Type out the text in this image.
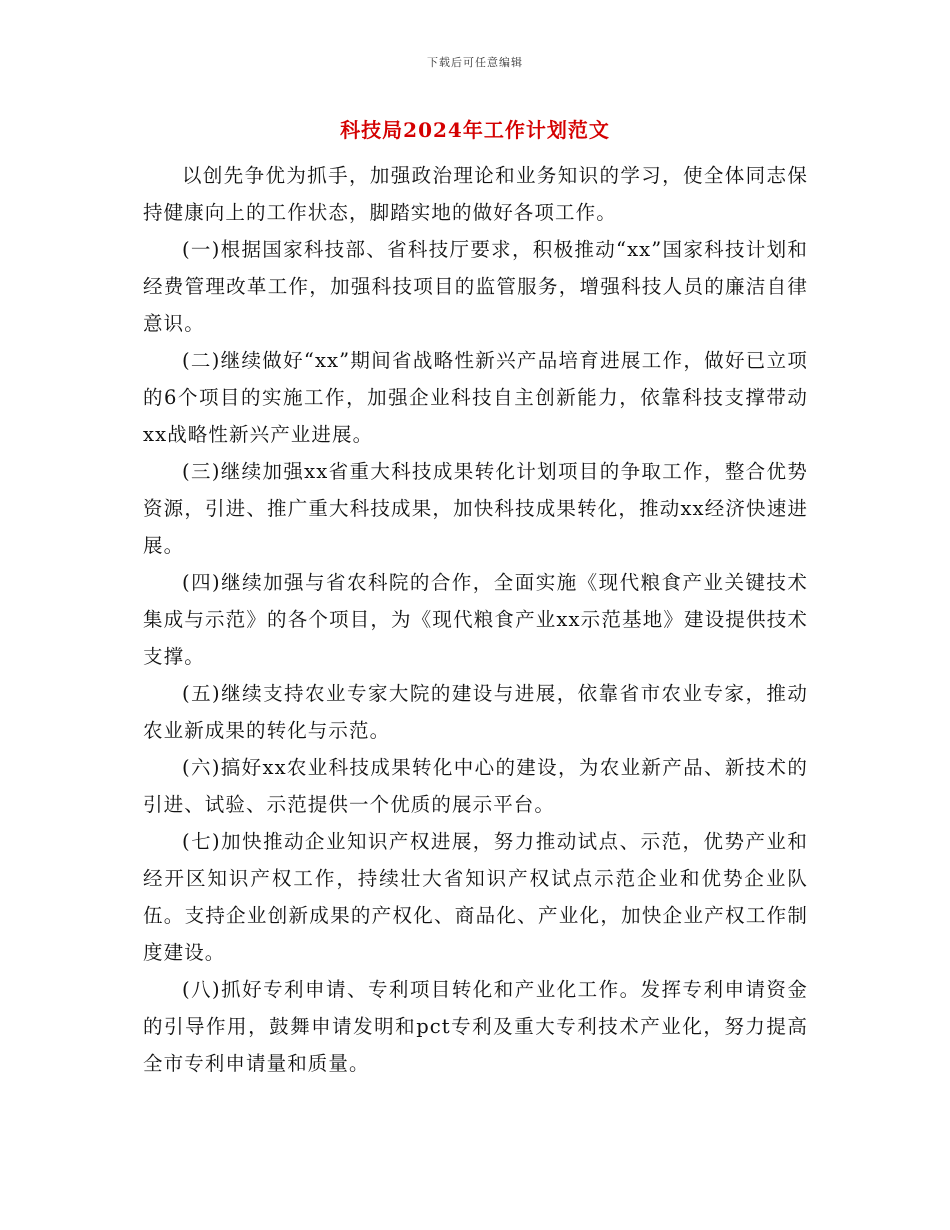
下载后可任意编辑
科技局2024年工作计划范文

以创先争优为抓手，加强政治理论和业务知识的学习，使全体同志保持健康向上的工作状态，脚踏实地的做好各项工作。

(一)根据国家科技部、省科技厅要求，积极推动“xx”国家科技计划和经费管理改革工作，加强科技项目的监管服务，增强科技人员的廉洁自律意识。

(二)继续做好“xx”期间省战略性新兴产品培育进展工作，做好已立项的6个项目的实施工作，加强企业科技自主创新能力，依靠科技支撑带动xx战略性新兴产业进展。

(三)继续加强xx省重大科技成果转化计划项目的争取工作，整合优势资源，引进、推广重大科技成果，加快科技成果转化，推动xx经济快速进展。

(四)继续加强与省农科院的合作，全面实施《现代粮食产业关键技术集成与示范》的各个项目，为《现代粮食产业xx示范基地》建设提供技术支撑。

(五)继续支持农业专家大院的建设与进展，依靠省市农业专家，推动农业新成果的转化与示范。

(六)搞好xx农业科技成果转化中心的建设，为农业新产品、新技术的引进、试验、示范提供一个优质的展示平台。

(七)加快推动企业知识产权进展，努力推动试点、示范，优势产业和经开区知识产权工作，持续壮大省知识产权试点示范企业和优势企业队伍。支持企业创新成果的产权化、商品化、产业化，加快企业产权工作制度建设。

(八)抓好专利申请、专利项目转化和产业化工作。发挥专利申请资金的引导作用，鼓舞申请发明和pct专利及重大专利技术产业化，努力提高全市专利申请量和质量。
